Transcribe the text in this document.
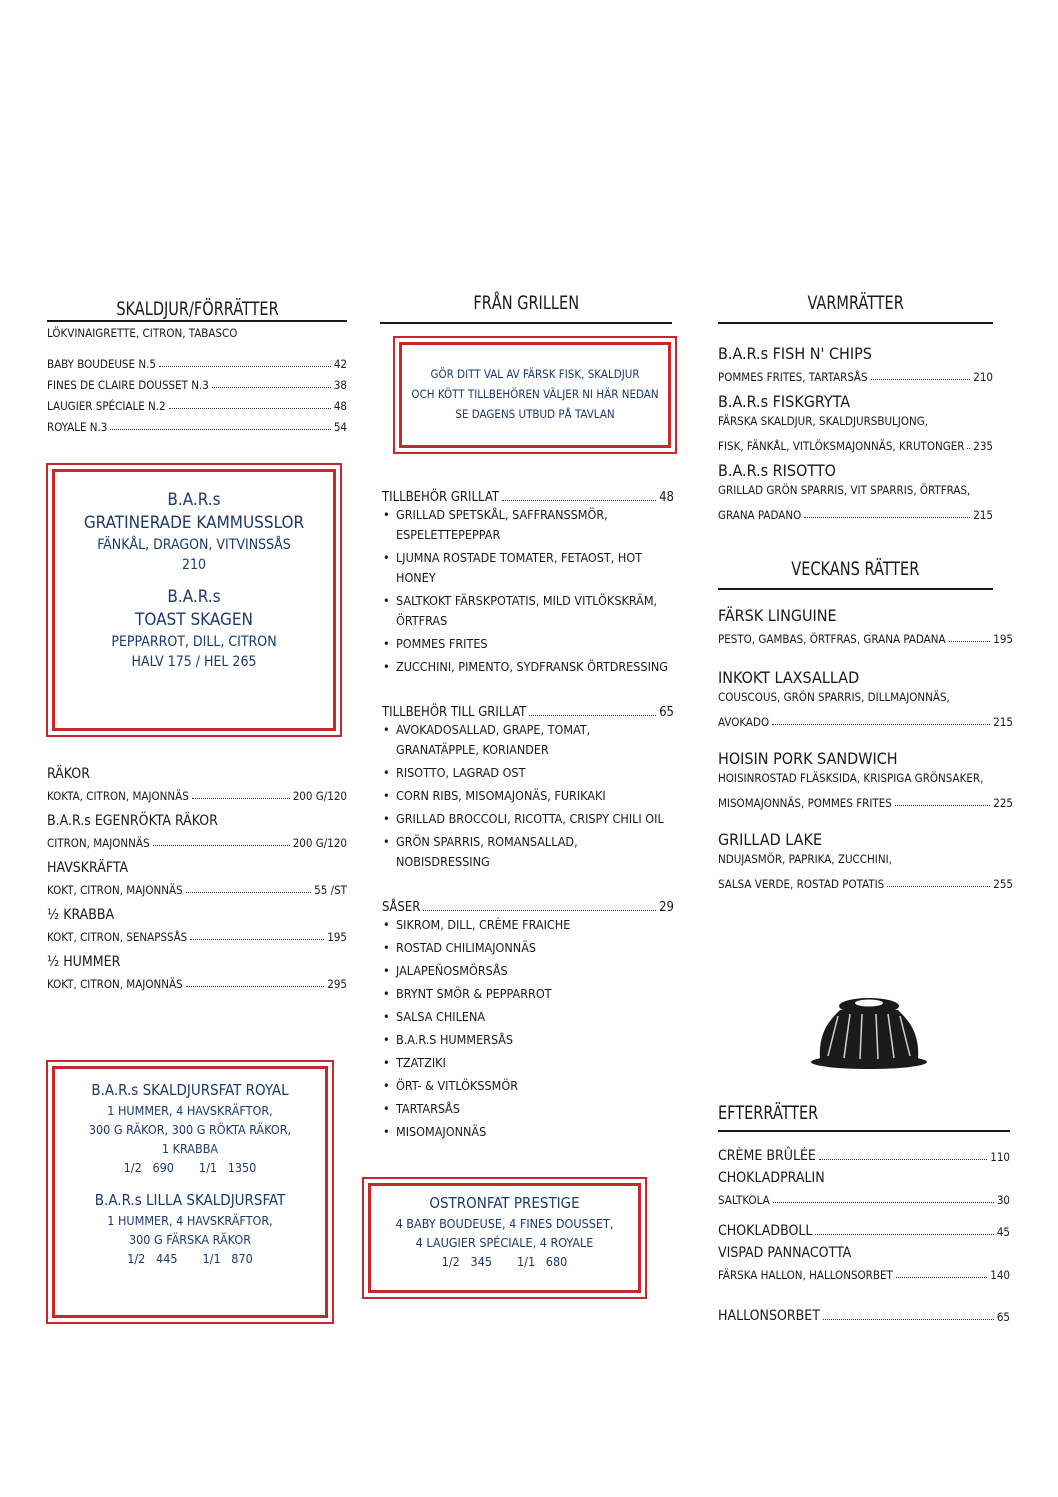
SKALDJUR/FÖRRÄTTER
LÖKVINAIGRETTE, CITRON, TABASCO
BABY BOUDEUSE N.5	42
FINES DE CLAIRE DOUSSET N.3	38
LAUGIER SPÉCIALE N.2	48
ROYALE N.3	54
B.A.R.s
GRATINERADE KAMMUSSLOR
FÄNKÅL, DRAGON, VITVINSSÅS
210
B.A.R.s
TOAST SKAGEN
PEPPARROT, DILL, CITRON
HALV 175 / HEL 265
RÄKOR
KOKTA, CITRON, MAJONNÄS	200 G/120
B.A.R.s EGENRÖKTA RÄKOR
CITRON, MAJONNÄS	200 G/120
HAVSKRÄFTA
KOKT, CITRON, MAJONNÄS	55 /ST
½ KRABBA
KOKT, CITRON, SENAPSSÅS	195
½ HUMMER
KOKT, CITRON, MAJONNÄS	295
B.A.R.s SKALDJURSFAT ROYAL
1 HUMMER, 4 HAVSKRÄFTOR,
300 G RÄKOR, 300 G RÖKTA RÄKOR,
1 KRABBA
1/2   690       1/1   1350
B.A.R.s LILLA SKALDJURSFAT
1 HUMMER, 4 HAVSKRÄFTOR,
300 G FÄRSKA RÄKOR
1/2   445       1/1   870
FRÅN GRILLEN
GÖR DITT VAL AV FÄRSK FISK, SKALDJUR
OCH KÖTT TILLBEHÖREN VÄLJER NI HÄR NEDAN
SE DAGENS UTBUD PÅ TAVLAN
TILLBEHÖR GRILLAT	48
• GRILLAD SPETSKÅL, SAFFRANSSMÖR, ESPELETTEPEPPAR
• LJUMNA ROSTADE TOMATER, FETAOST, HOT HONEY
• SALTKOKT FÄRSKPOTATIS, MILD VITLÖKSKRÄM, ÖRTFRAS
• POMMES FRITES
• ZUCCHINI, PIMENTO, SYDFRANSK ÖRTDRESSING
TILLBEHÖR TILL GRILLAT	65
• AVOKADOSALLAD, GRAPE, TOMAT, GRANATÄPPLE, KORIANDER
• RISOTTO, LAGRAD OST
• CORN RIBS, MISOMAJONÄS, FURIKAKI
• GRILLAD BROCCOLI, RICOTTA, CRISPY CHILI OIL
• GRÖN SPARRIS, ROMANSALLAD, NOBISDRESSING
SÅSER	29
• SIKROM, DILL, CRÈME FRAICHE
• ROSTAD CHILIMAJONNÄS
• JALAPEÑOSMÖRSÅS
• BRYNT SMÖR & PEPPARROT
• SALSA CHILENA
• B.A.R.S HUMMERSÅS
• TZATZIKI
• ÖRT- & VITLÖKSSMÖR
• TARTARSÅS
• MISOMAJONNÄS
OSTRONFAT PRESTIGE
4 BABY BOUDEUSE, 4 FINES DOUSSET,
4 LAUGIER SPÉCIALE, 4 ROYALE
1/2   345       1/1   680
VARMRÄTTER
B.A.R.s FISH N' CHIPS
POMMES FRITES, TARTARSÅS	210
B.A.R.s FISKGRYTA
FÄRSKA SKALDJUR, SKALDJURSBULJONG,
FISK, FÄNKÅL, VITLÖKSMAJONNÄS, KRUTONGER 235
B.A.R.s RISOTTO
GRILLAD GRÖN SPARRIS, VIT SPARRIS, ÖRTFRAS,
GRANA PADANO	215
VECKANS RÄTTER
FÄRSK LINGUINE
PESTO, GAMBAS, ÖRTFRAS, GRANA PADANA	195
INKOKT LAXSALLAD
COUSCOUS, GRÖN SPARRIS, DILLMAJONNÄS,
AVOKADO	215
HOISIN PORK SANDWICH
HOISINROSTAD FLÄSKSIDA, KRISPIGA GRÖNSAKER,
MISOMAJONNÄS, POMMES FRITES	225
GRILLAD LAKE
NDUJASMÖR, PAPRIKA, ZUCCHINI,
SALSA VERDE, ROSTAD POTATIS	255
EFTERRÄTTER
CRÈME BRÛLÉE	110
CHOKLADPRALIN
SALTKOLA	30
CHOKLADBOLL	45
VISPAD PANNACOTTA
FÄRSKA HALLON, HALLONSORBET	140
HALLONSORBET	65
